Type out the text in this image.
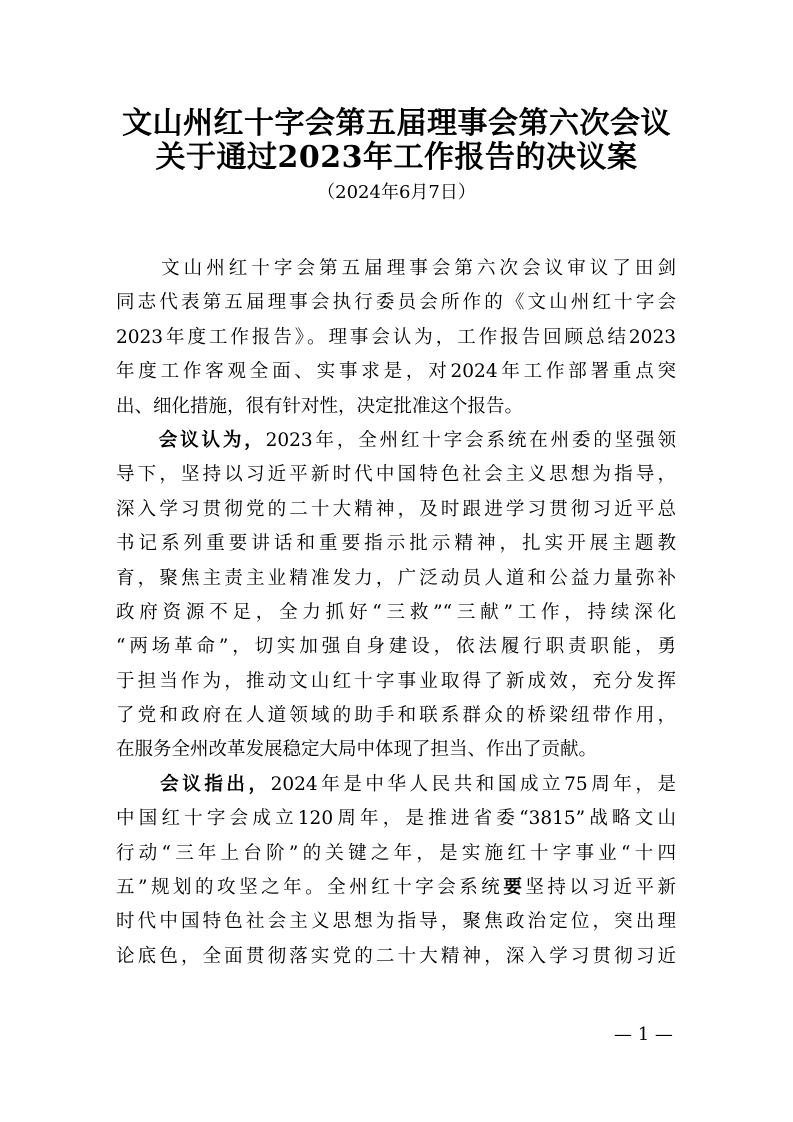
文山州红十字会第五届理事会第六次会议
关于通过2023年工作报告的决议案
（2024年6月7日）
　　文山州红十字会第五届理事会第六次会议审议了田剑
同志代表第五届理事会执行委员会所作的《文山州红十字会
2023年度工作报告》。理事会认为，工作报告回顾总结2023
年度工作客观全面、实事求是，对2024年工作部署重点突
出、细化措施，很有针对性，决定批准这个报告。
　　会议认为，2023年，全州红十字会系统在州委的坚强领
导下，坚持以习近平新时代中国特色社会主义思想为指导，
深入学习贯彻党的二十大精神，及时跟进学习贯彻习近平总
书记系列重要讲话和重要指示批示精神，扎实开展主题教
育，聚焦主责主业精准发力，广泛动员人道和公益力量弥补
政府资源不足，全力抓好“三救”“三献”工作，持续深化
“两场革命”，切实加强自身建设，依法履行职责职能，勇
于担当作为，推动文山红十字事业取得了新成效，充分发挥
了党和政府在人道领域的助手和联系群众的桥梁纽带作用，
在服务全州改革发展稳定大局中体现了担当、作出了贡献。
　　会议指出，2024年是中华人民共和国成立75周年，是
中国红十字会成立120周年，是推进省委“3815”战略文山
行动“三年上台阶”的关键之年，是实施红十字事业“十四
五”规划的攻坚之年。全州红十字会系统要坚持以习近平新
时代中国特色社会主义思想为指导，聚焦政治定位，突出理
论底色，全面贯彻落实党的二十大精神，深入学习贯彻习近
— 1 —
